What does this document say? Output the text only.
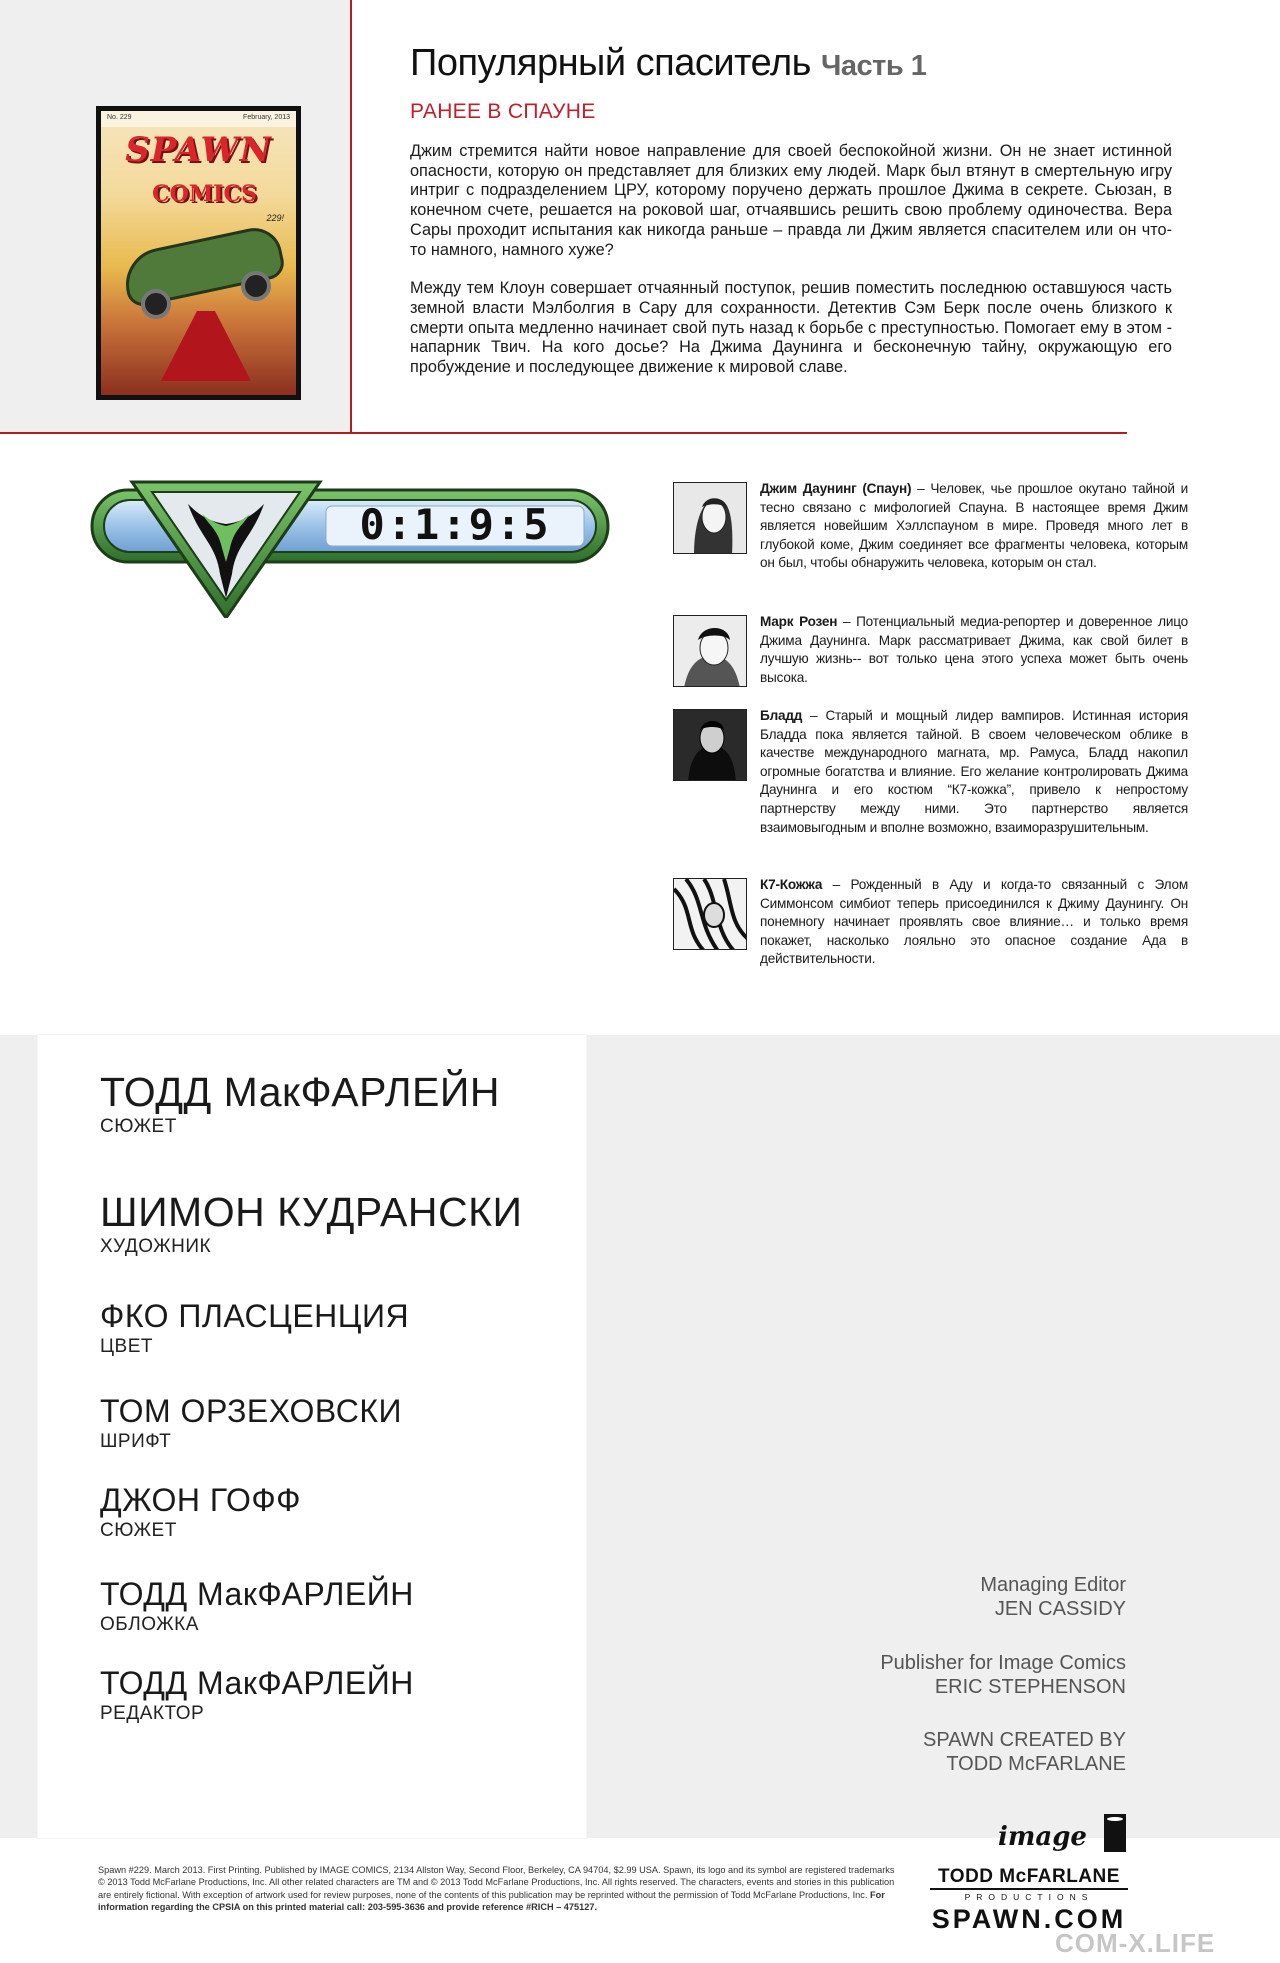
No. 229	February, 2013
SPAWN
COMICS
229!
Популярный спаситель Часть 1
РАНЕЕ В СПАУНЕ

Джим стремится найти новое направление для своей беспокойной жизни. Он не знает истинной опасности, которую он представляет для близких ему людей. Марк был втянут в смертельную игру интриг с подразделением ЦРУ, которому поручено держать прошлое Джима в секрете. Сьюзан, в конечном счете, решается на роковой шаг, отчаявшись решить свою проблему одиночества. Вера Сары проходит испытания как никогда раньше – правда ли Джим является спасителем или он что-то намного, намного хуже?

Между тем Клоун совершает отчаянный поступок, решив поместить последнюю оставшуюся часть земной власти Мэлболгия в Сару для сохранности. Детектив Сэм Берк после очень близкого к смерти опыта медленно начинает свой путь назад к борьбе с преступностью. Помогает ему в этом - напарник Твич. На кого досье? На Джима Даунинга и бесконечную тайну, окружающую его пробуждение и последующее движение к мировой славе.

0:1:9:5
Джим Даунинг (Спаун) – Человек, чье прошлое окутано тайной и тесно связано с мифологией Спауна. В настоящее время Джим является новейшим Хэллспауном в мире. Проведя много лет в глубокой коме, Джим соединяет все фрагменты человека, которым он был, чтобы обнаружить человека, которым он стал.
Марк Розен – Потенциальный медиа-репортер и доверенное лицо Джима Даунинга. Марк рассматривает Джима, как свой билет в лучшую жизнь-- вот только цена этого успеха может быть очень высока.
Бладд – Старый и мощный лидер вампиров. Истинная история Бладда пока является тайной. В своем человеческом облике в качестве международного магната, мр. Рамуса, Бладд накопил огромные богатства и влияние. Его желание контролировать Джима Даунинга и его костюм “К7-кожка”, привело к непростому партнерству между ними. Это партнерство является взаимовыгодным и вполне возможно, взаиморазрушительным.
К7-Кожжа – Рожденный в Аду и когда-то связанный с Элом Симмонсом симбиот теперь присоединился к Джиму Даунингу. Он понемногу начинает проявлять свое влияние… и только время покажет, насколько лояльно это опасное создание Ада в действительности.
ТОДД МакФАРЛЕЙН
СЮЖЕТ
ШИМОН КУДРАНСКИ
ХУДОЖНИК
ФКО ПЛАСЦЕНЦИЯ
ЦВЕТ
ТОМ ОРЗЕХОВСКИ
ШРИФТ
ДЖОН ГОФФ
СЮЖЕТ
ТОДД МакФАРЛЕЙН
ОБЛОЖКА
ТОДД МакФАРЛЕЙН
РЕДАКТОР
Managing Editor
JEN CASSIDY
Publisher for Image Comics
ERIC STEPHENSON
SPAWN CREATED BY
TODD McFARLANE
Spawn #229. March 2013. First Printing. Published by IMAGE COMICS, 2134 Allston Way, Second Floor, Berkeley, CA 94704, $2.99 USA. Spawn, its logo and its symbol are registered trademarks © 2013 Todd McFarlane Productions, Inc. All other related characters are TM and © 2013 Todd McFarlane Productions, Inc. All rights reserved. The characters, events and stories in this publication are entirely fictional. With exception of artwork used for review purposes, none of the contents of this publication may be reprinted without the permission of Todd McFarlane Productions, Inc. For information regarding the CPSIA on this printed material call: 203-595-3636 and provide reference #RICH – 475127.
image
TODD McFARLANE
PRODUCTIONS
SPAWN.COM
COM-X.LIFE
